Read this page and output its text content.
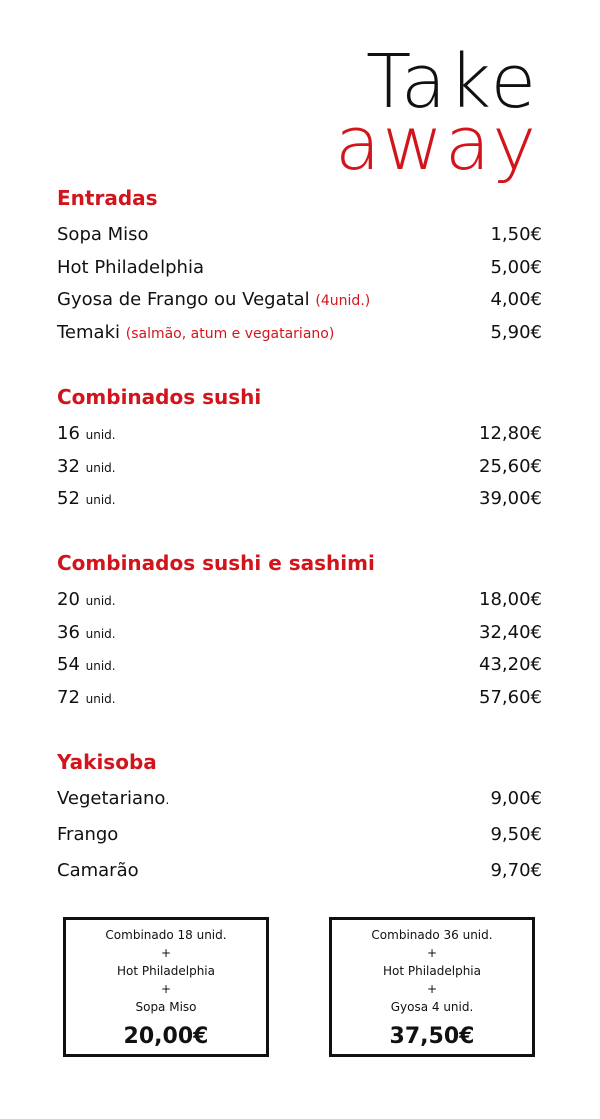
Take
away
Entradas
Sopa Miso	1,50€
Hot Philadelphia	5,00€
Gyosa de Frango ou Vegatal (4unid.)	4,00€
Temaki (salmão, atum e vegatariano)	5,90€
Combinados sushi
16 unid.	12,80€
32 unid.	25,60€
52 unid.	39,00€
Combinados sushi e sashimi
20 unid.	18,00€
36 unid.	32,40€
54 unid.	43,20€
72 unid.	57,60€
Yakisoba
Vegetariano.	9,00€
Frango	9,50€
Camarão	9,70€
Combinado 18 unid.
+
Hot Philadelphia
+
Sopa Miso
20,00€
Combinado 36 unid.
+
Hot Philadelphia
+
Gyosa 4 unid.
37,50€
